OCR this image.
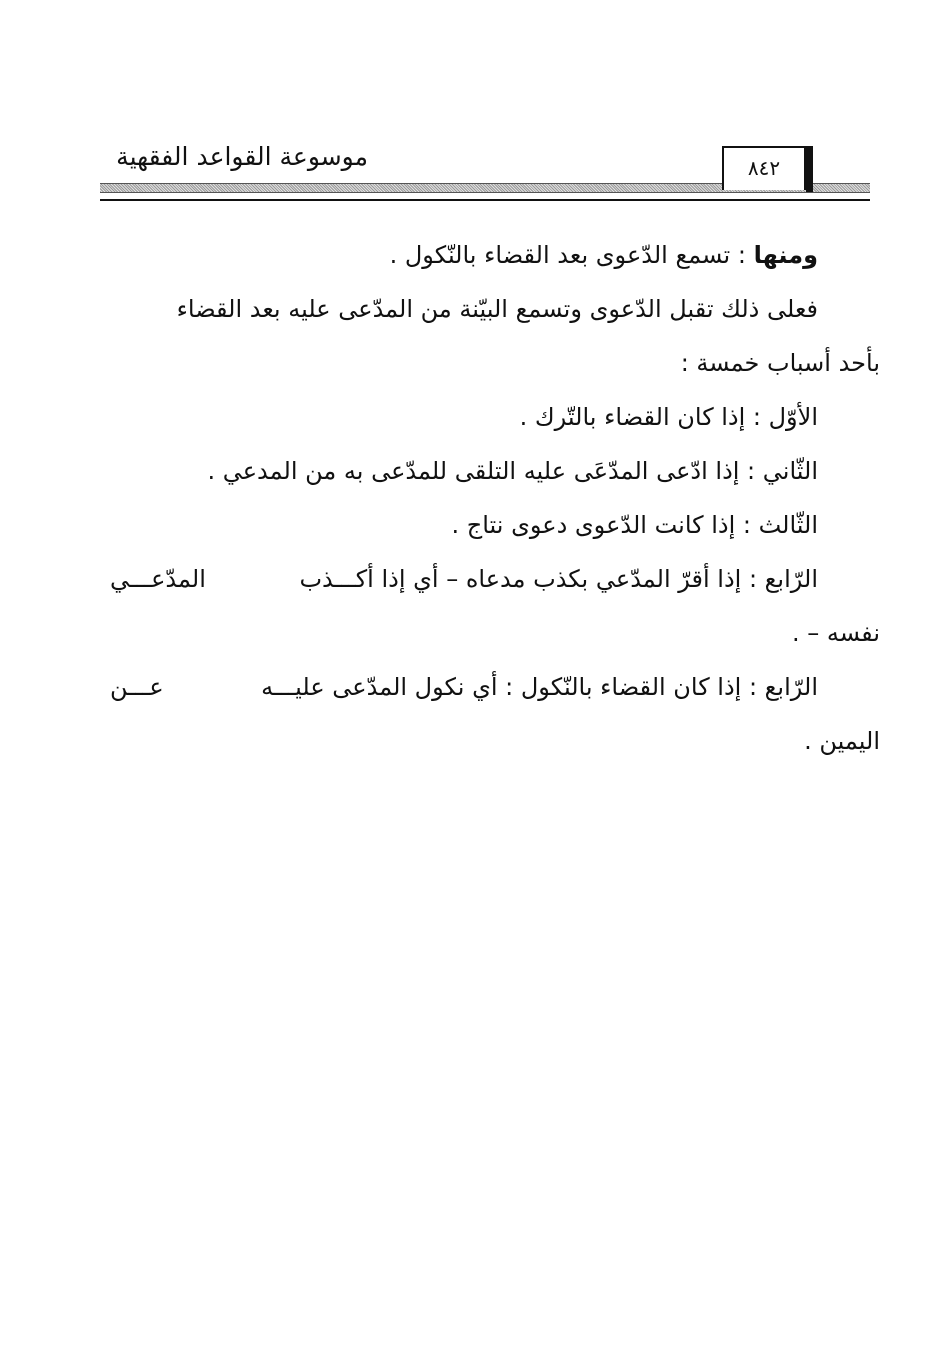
موسوعة القواعد الفقهية	٨٤٢
ومنها : تسمع الدّعوى بعد القضاء بالنّكول .
فعلى ذلك تقبل الدّعوى وتسمع البيّنة من المدّعى عليه بعد القضاء
بأحد أسباب خمسة :
الأوّل : إذا كان القضاء بالتّرك .
الثّاني : إذا ادّعى المدّعَى عليه التلقى للمدّعى به من المدعي .
الثّالث : إذا كانت الدّعوى دعوى نتاج .
الرّابع : إذا أقرّ المدّعي بكذب مدعاه – أي إذا أكـــذب
المدّعـــي
نفسه – .
الرّابع : إذا كان القضاء بالنّكول : أي نكول المدّعى عليـــه
عـــن
اليمين .
